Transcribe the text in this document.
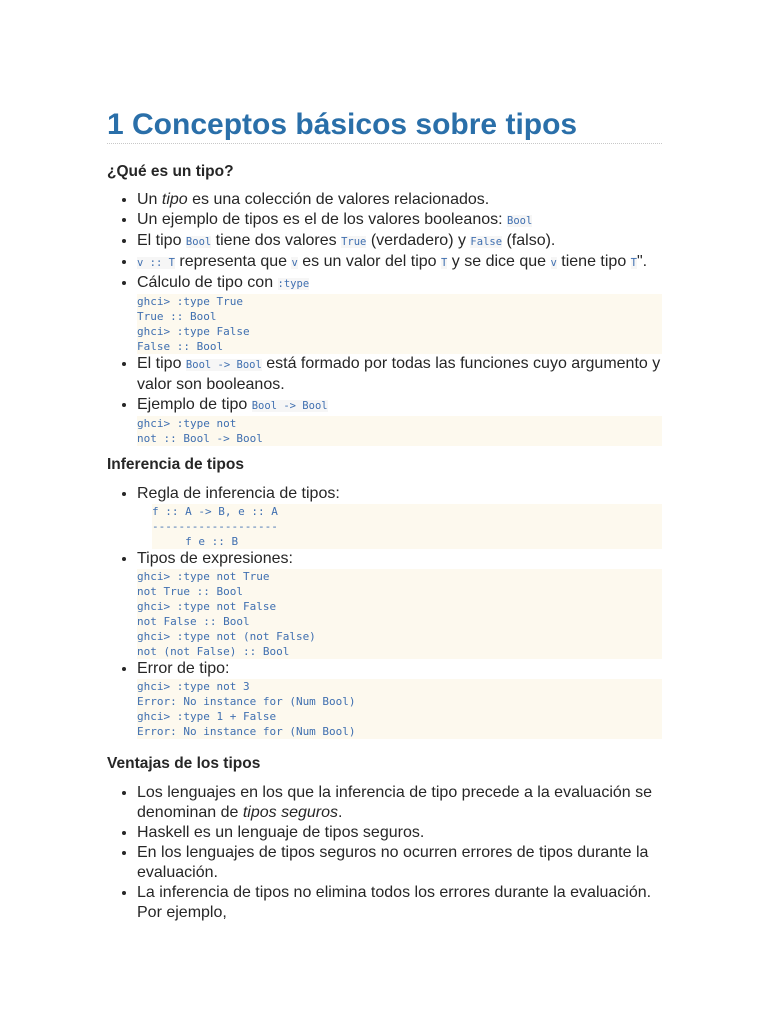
1 Conceptos básicos sobre tipos
¿Qué es un tipo?
• Un tipo es una colección de valores relacionados.
• Un ejemplo de tipos es el de los valores booleanos: Bool
• El tipo Bool tiene dos valores True (verdadero) y False (falso).
• v :: T representa que v es un valor del tipo T y se dice que v tiene tipo T".
• Cálculo de tipo con :type
ghci> :type True
True :: Bool
ghci> :type False
False :: Bool
• El tipo Bool -> Bool está formado por todas las funciones cuyo argumento y valor son booleanos.
• Ejemplo de tipo Bool -> Bool
ghci> :type not
not :: Bool -> Bool
Inferencia de tipos
• Regla de inferencia de tipos:
f :: A -> B, e :: A
-------------------
f e :: B
• Tipos de expresiones:
ghci> :type not True
not True :: Bool
ghci> :type not False
not False :: Bool
ghci> :type not (not False)
not (not False) :: Bool
• Error de tipo:
ghci> :type not 3
Error: No instance for (Num Bool)
ghci> :type 1 + False
Error: No instance for (Num Bool)
Ventajas de los tipos
• Los lenguajes en los que la inferencia de tipo precede a la evaluación se denominan de tipos seguros.
• Haskell es un lenguaje de tipos seguros.
• En los lenguajes de tipos seguros no ocurren errores de tipos durante la evaluación.
• La inferencia de tipos no elimina todos los errores durante la evaluación. Por ejemplo,
